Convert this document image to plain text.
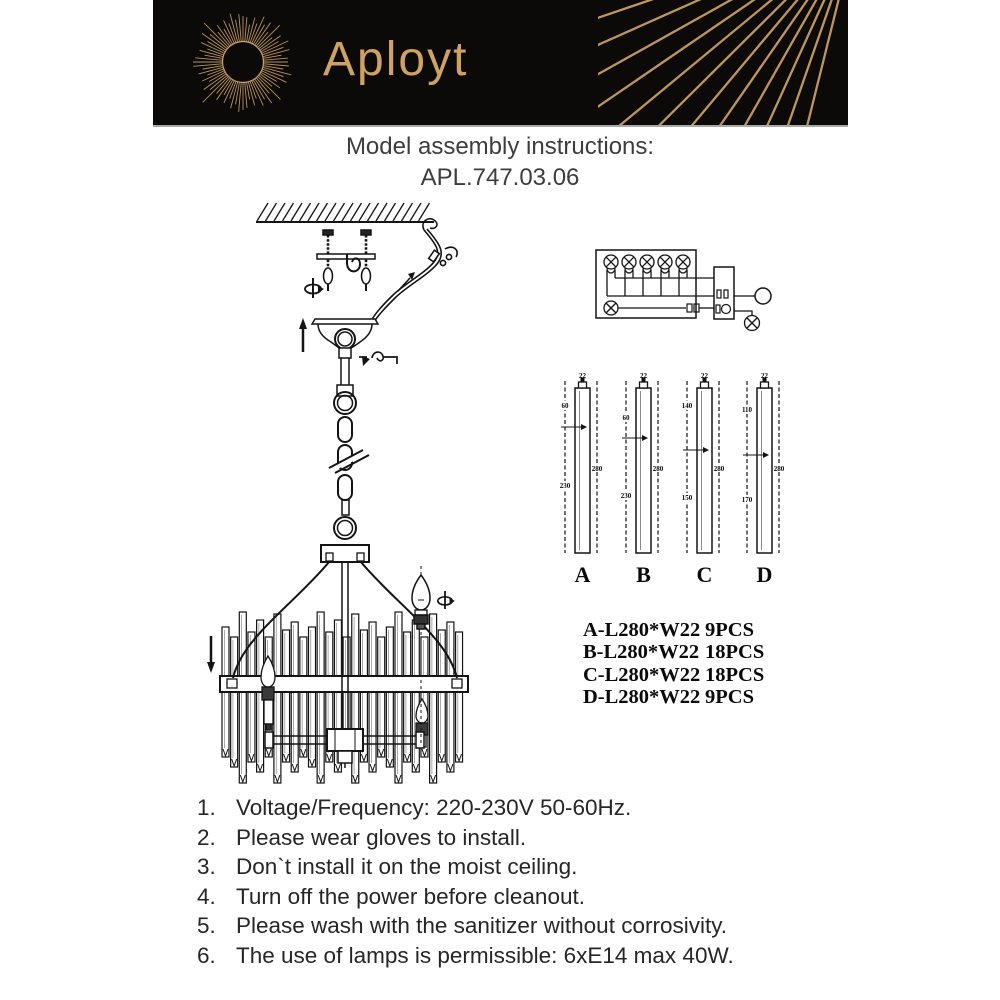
Aployt
Model assembly instructions:
APL.747.03.06
22
280
60
230
A
22
280
60
230
B
22
280
140
150
C
22
280
110
170
D
A-L280*W22 9PCS
B-L280*W22 18PCS
C-L280*W22 18PCS
D-L280*W22 9PCS
1. Voltage/Frequency: 220-230V 50-60Hz.
2. Please wear gloves to install.
3. Don`t install it on the moist ceiling.
4. Turn off the power before cleanout.
5. Please wash with the sanitizer without corrosivity.
6. The use of lamps is permissible: 6xE14 max 40W.
